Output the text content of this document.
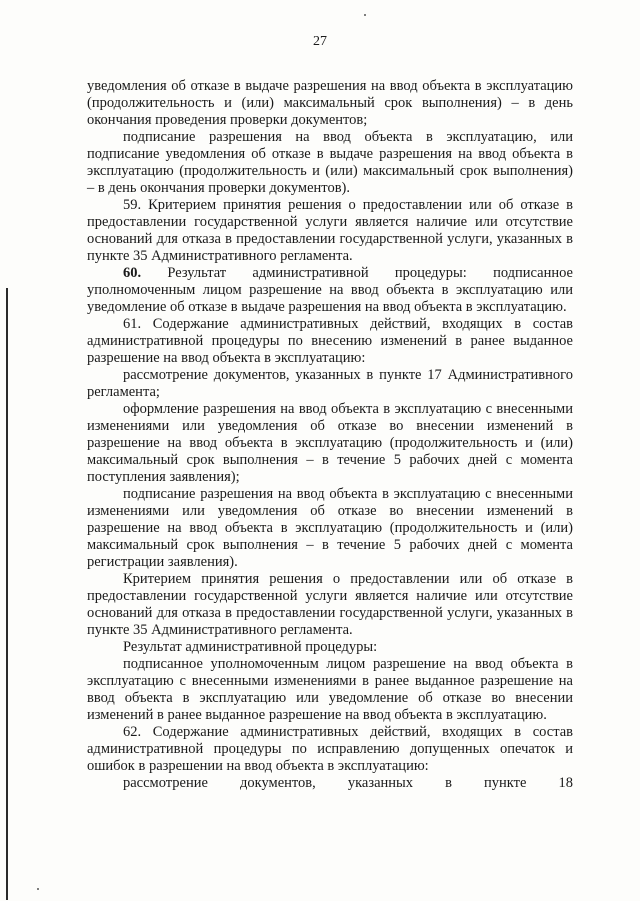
27

уведомления об отказе в выдаче разрешения на ввод объекта в эксплуатацию (продолжительность и (или) максимальный срок выполнения) – в день окончания проведения проверки документов;

подписание разрешения на ввод объекта в эксплуатацию, или подписание уведомления об отказе в выдаче разрешения на ввод объекта в эксплуатацию (продолжительность и (или) максимальный срок выполнения) – в день окончания проверки документов).

59. Критерием принятия решения о предоставлении или об отказе в предоставлении государственной услуги является наличие или отсутствие оснований для отказа в предоставлении государственной услуги, указанных в пункте 35 Административного регламента.

60. Результат административной процедуры: подписанное уполномоченным лицом разрешение на ввод объекта в эксплуатацию или уведомление об отказе в выдаче разрешения на ввод объекта в эксплуатацию.

61. Содержание административных действий, входящих в состав административной процедуры по внесению изменений в ранее выданное разрешение на ввод объекта в эксплуатацию:

рассмотрение документов, указанных в пункте 17 Административного регламента;

оформление разрешения на ввод объекта в эксплуатацию с внесенными изменениями или уведомления об отказе во внесении изменений в разрешение на ввод объекта в эксплуатацию (продолжительность и (или) максимальный срок выполнения – в течение 5 рабочих дней с момента поступления заявления);

подписание разрешения на ввод объекта в эксплуатацию с внесенными изменениями или уведомления об отказе во внесении изменений в разрешение на ввод объекта в эксплуатацию (продолжительность и (или) максимальный срок выполнения – в течение 5 рабочих дней с момента регистрации заявления).

Критерием принятия решения о предоставлении или об отказе в предоставлении государственной услуги является наличие или отсутствие оснований для отказа в предоставлении государственной услуги, указанных в пункте 35 Административного регламента.

Результат административной процедуры:

подписанное уполномоченным лицом разрешение на ввод объекта в эксплуатацию с внесенными изменениями в ранее выданное разрешение на ввод объекта в эксплуатацию или уведомление об отказе во внесении изменений в ранее выданное разрешение на ввод объекта в эксплуатацию.

62. Содержание административных действий, входящих в состав административной процедуры по исправлению допущенных опечаток и ошибок в разрешении на ввод объекта в эксплуатацию:

рассмотрение документов, указанных в пункте 18
